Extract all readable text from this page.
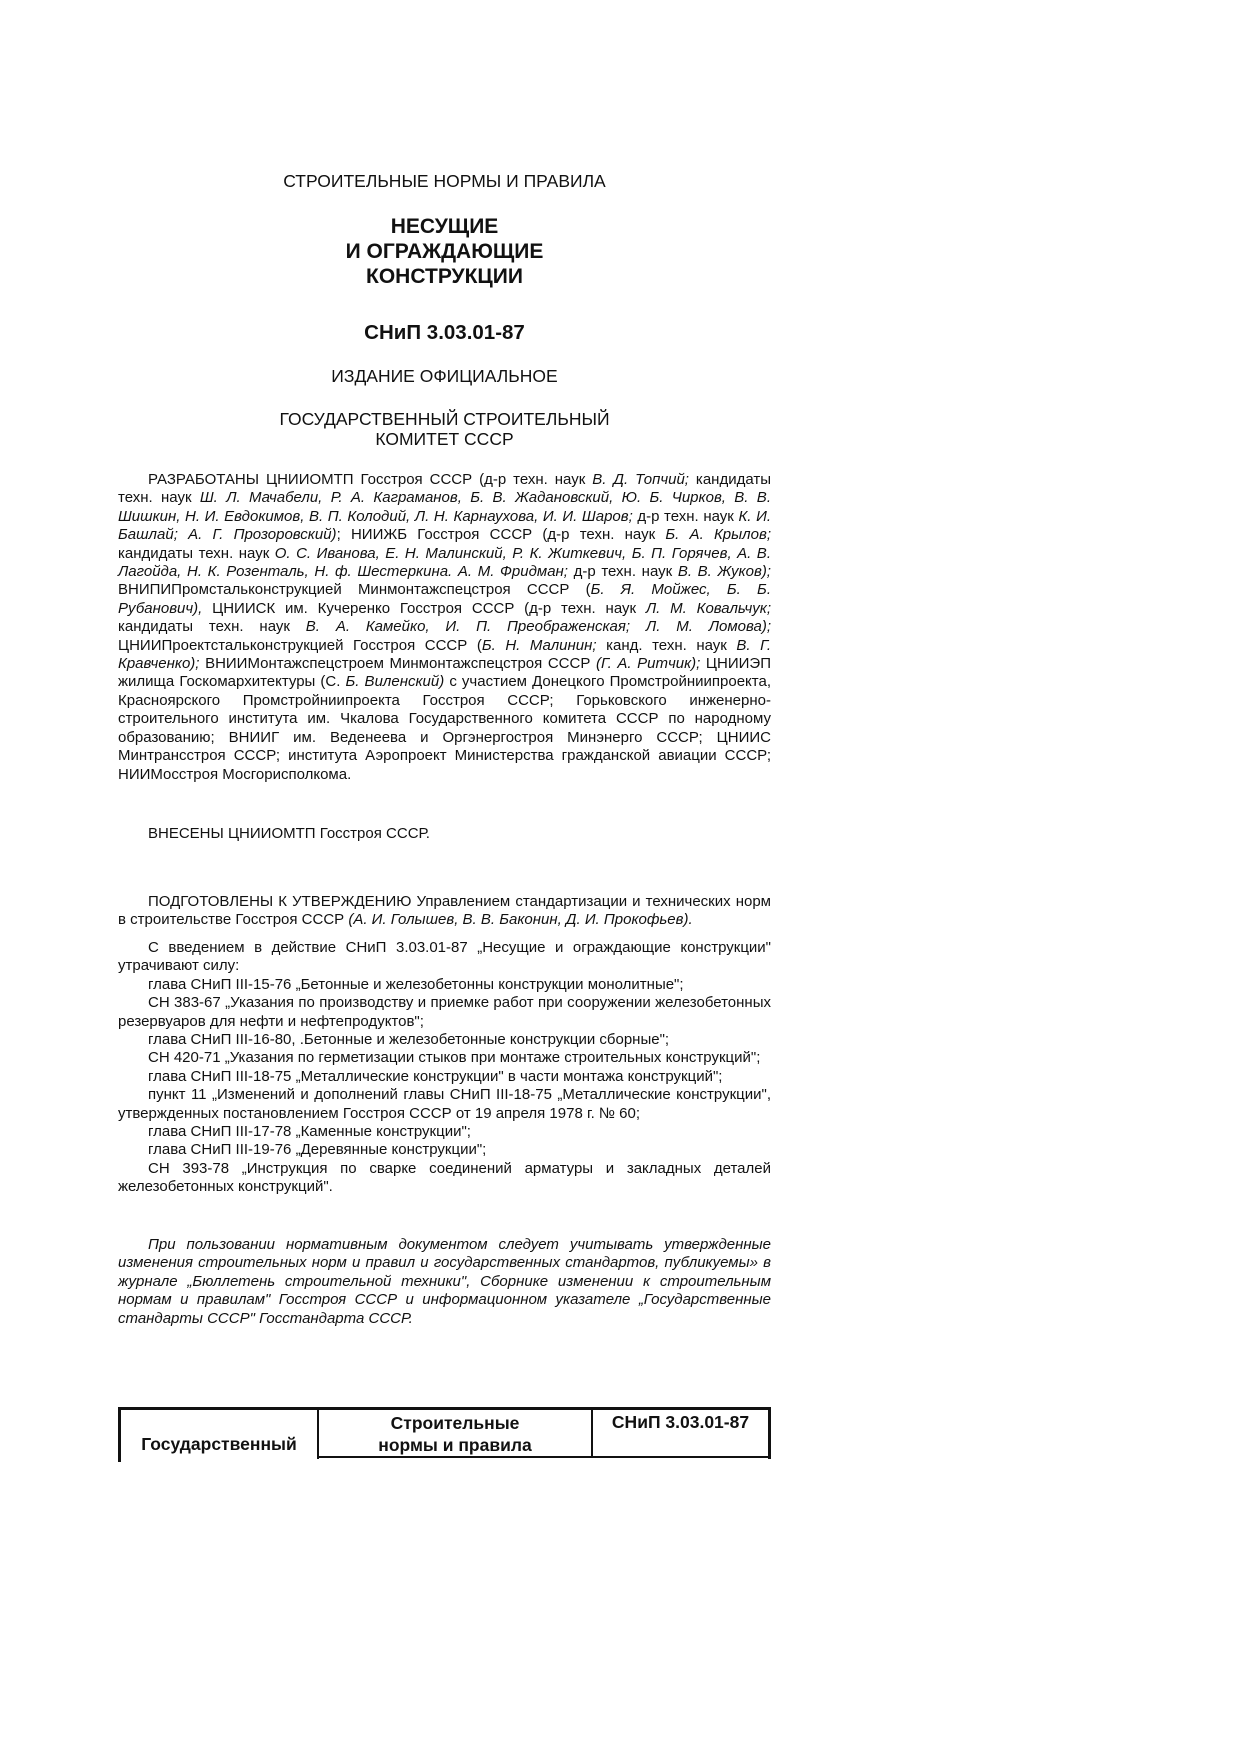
СТРОИТЕЛЬНЫЕ НОРМЫ И ПРАВИЛА
НЕСУЩИЕ
И ОГРАЖДАЮЩИЕ
КОНСТРУКЦИИ
СНиП 3.03.01-87
ИЗДАНИЕ ОФИЦИАЛЬНОЕ
ГОСУДАРСТВЕННЫЙ СТРОИТЕЛЬНЫЙ
КОМИТЕТ СССР

РАЗРАБОТАНЫ ЦНИИОМТП Госстроя СССР (д-р техн. наук В. Д. Топчий; кандидаты техн. наук Ш. Л. Мачабели, Р. А. Каграманов, Б. В. Жадановский, Ю. Б. Чирков, В. В. Шишкин, Н. И. Евдокимов, В. П. Колодий, Л. Н. Карнаухова, И. И. Шаров; д-р техн. наук К. И. Башлай; А. Г. Прозоровский); НИИЖБ Госстроя СССР (д-р техн. наук Б. А. Крылов; кандидаты техн. наук О. С. Иванова, Е. Н. Малинский, Р. К. Житкевич, Б. П. Горячев, А. В. Лагойда, Н. К. Розенталь, Н. ф. Шестеркина. А. М. Фридман; д-р техн. наук В. В. Жуков); ВНИПИПромстальконструкцией Минмонтажспецстроя СССР (Б. Я. Мойжес, Б. Б. Рубанович), ЦНИИСК им. Кучеренко Госстроя СССР (д-р техн. наук Л. М. Ковальчук; кандидаты техн. наук В. А. Камейко, И. П. Преображенская; Л. М. Ломова); ЦНИИПроектстальконструкцией Госстроя СССР (Б. Н. Малинин; канд. техн. наук В. Г. Кравченко); ВНИИМонтажспецстроем Минмонтажспецстроя СССР (Г. А. Ритчик); ЦНИИЭП жилища Госкомархитектуры (С. Б. Виленский) с участием Донецкого Промстройниипроекта, Красноярского Промстройниипроекта Госстроя СССР; Горьковского инженерно-строительного института им. Чкалова Государственного комитета СССР по народному образованию; ВНИИГ им. Веденеева и Оргэнергостроя Минэнерго СССР; ЦНИИС Минтрансстроя СССР; института Аэропроект Министерства гражданской авиации СССР; НИИМосстроя Мосгорисполкома.

ВНЕСЕНЫ ЦНИИОМТП Госстроя СССР.

ПОДГОТОВЛЕНЫ К УТВЕРЖДЕНИЮ Управлением стандартизации и технических норм в строительстве Госстроя СССР (А. И. Голышев, В. В. Баконин, Д. И. Прокофьев).

С введением в действие СНиП 3.03.01-87 „Несущие и ограждающие конструкции" утрачивают силу:

глава СНиП III-15-76 „Бетонные и железобетонны конструкции монолитные";

СН 383-67 „Указания по производству и приемке работ при сооружении железобетонных резервуаров для нефти и нефтепродуктов";

глава СНиП III-16-80, .Бетонные и железобетонные конструкции сборные";

СН 420-71 „Указания по герметизации стыков при монтаже строительных конструкций";

глава СНиП III-18-75 „Металлические конструкции" в части монтажа конструкций";

пункт 11 „Изменений и дополнений главы СНиП III-18-75 „Металлические конструкции", утвержденных постановлением Госстроя СССР от 19 апреля 1978 г. № 60;

глава СНиП III-17-78 „Каменные конструкции";

глава СНиП III-19-76 „Деревянные конструкции";

СН 393-78 „Инструкция по сварке соединений арматуры и закладных деталей железобетонных конструкций".

При пользовании нормативным документом следует учитывать утвержденные изменения строительных норм и правил и государственных стандартов, публикуемы» в журнале „Бюллетень строительной техники", Сборнике изменении к строительным нормам и правилам" Госстроя СССР и информационном указателе „Государственные стандарты СССР" Госстандарта СССР.

Государственный
Строительные
нормы и правила
СНиП 3.03.01-87
